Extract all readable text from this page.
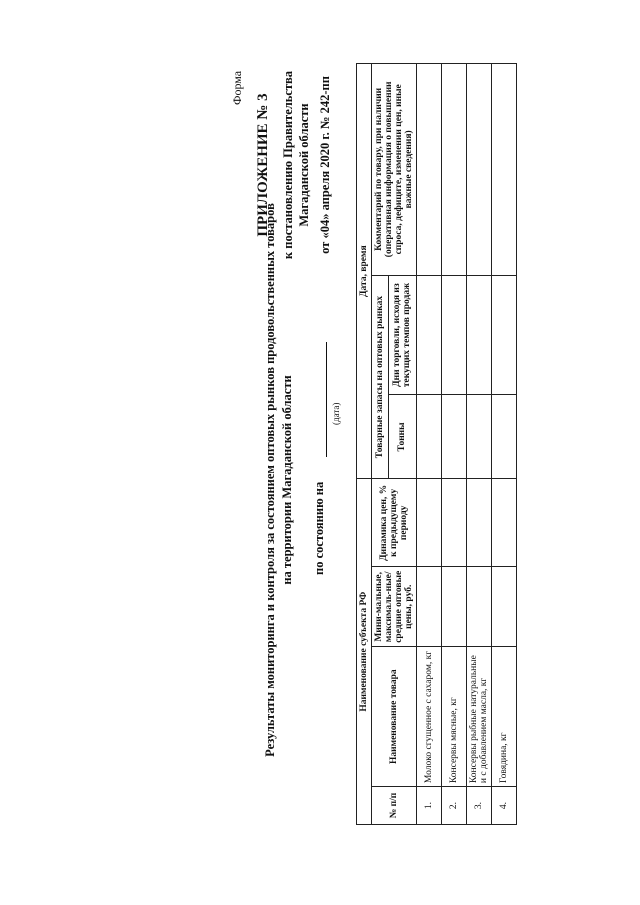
ПРИЛОЖЕНИЕ № 3 к постановлению Правительства Магаданской области от «04» апреля 2020 г. № 242-пп
Форма
Результаты мониторинга и контроля за состоянием оптовых рынков продовольственных товаров на территории Магаданской области по состоянию на
(дата)
Наименование субъекта РФ				Дата, время		
№ п/п	Наименование товара	Мини-мальные, максималь-ные/средние оптовые цены, руб.	Динамика цен, % к предыдущему периоду	Товарные запасы на оптовых рынках		Комментарий по товару, при наличии (оперативная информация о повышении спроса, дефиците, изменении цен, иные важные сведения)
				Тонны	Дни торговли, исходя из текущих темпов продаж	
1.	Молоко сгущенное с сахаром, кг					
2.	Консервы мясные, кг					
3.	Консервы рыбные натуральные и с добавлением масла, кг					
4.	Говядина, кг					
